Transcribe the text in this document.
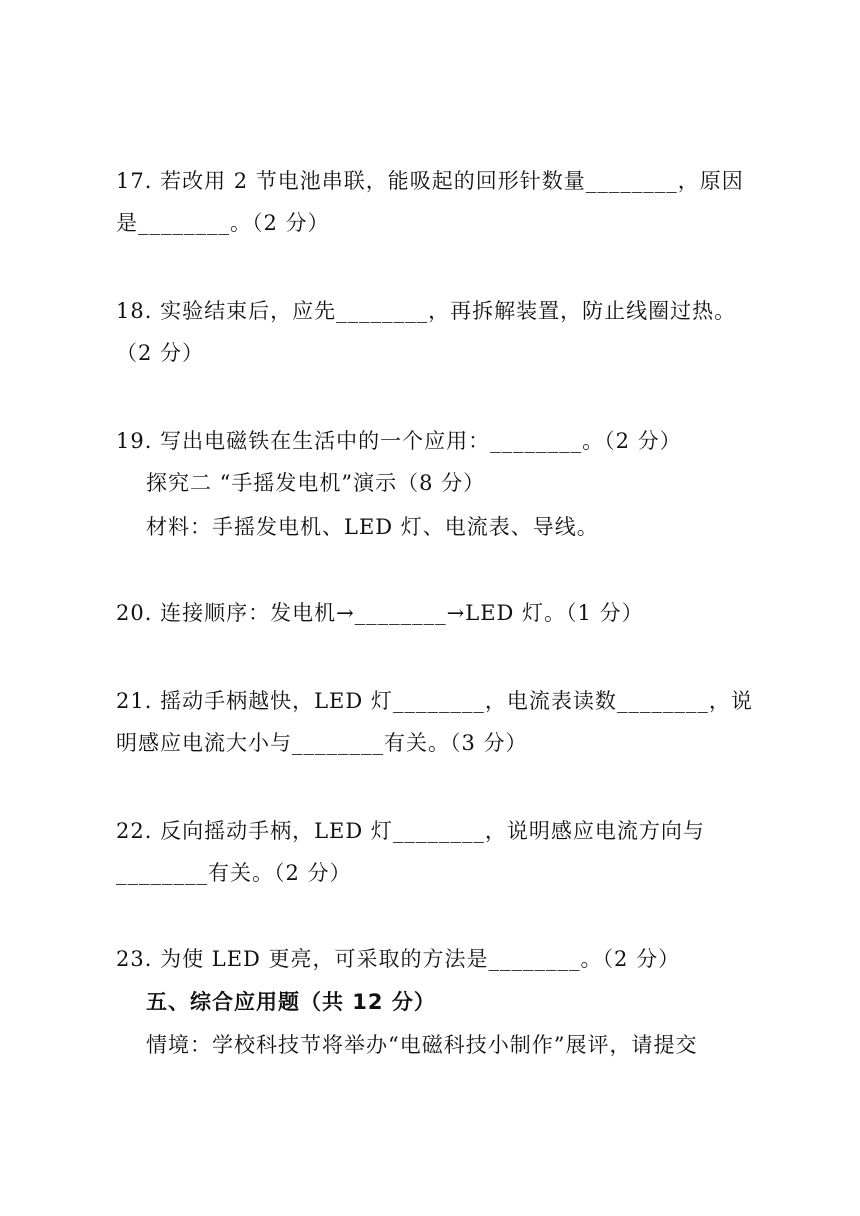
17. 若改用 2 节电池串联，能吸起的回形针数量________，原因
是________。（2 分）
18. 实验结束后，应先________，再拆解装置，防止线圈过热。
（2 分）
19. 写出电磁铁在生活中的一个应用：________。（2 分）
探究二 “手摇发电机”演示（8 分）
材料：手摇发电机、LED 灯、电流表、导线。
20. 连接顺序：发电机→________→LED 灯。（1 分）
21. 摇动手柄越快，LED 灯________，电流表读数________，说
明感应电流大小与________有关。（3 分）
22. 反向摇动手柄，LED 灯________，说明感应电流方向与
________有关。（2 分）
23. 为使 LED 更亮，可采取的方法是________。（2 分）
五、综合应用题（共 12 分）
情境：学校科技节将举办“电磁科技小制作”展评，请提交
